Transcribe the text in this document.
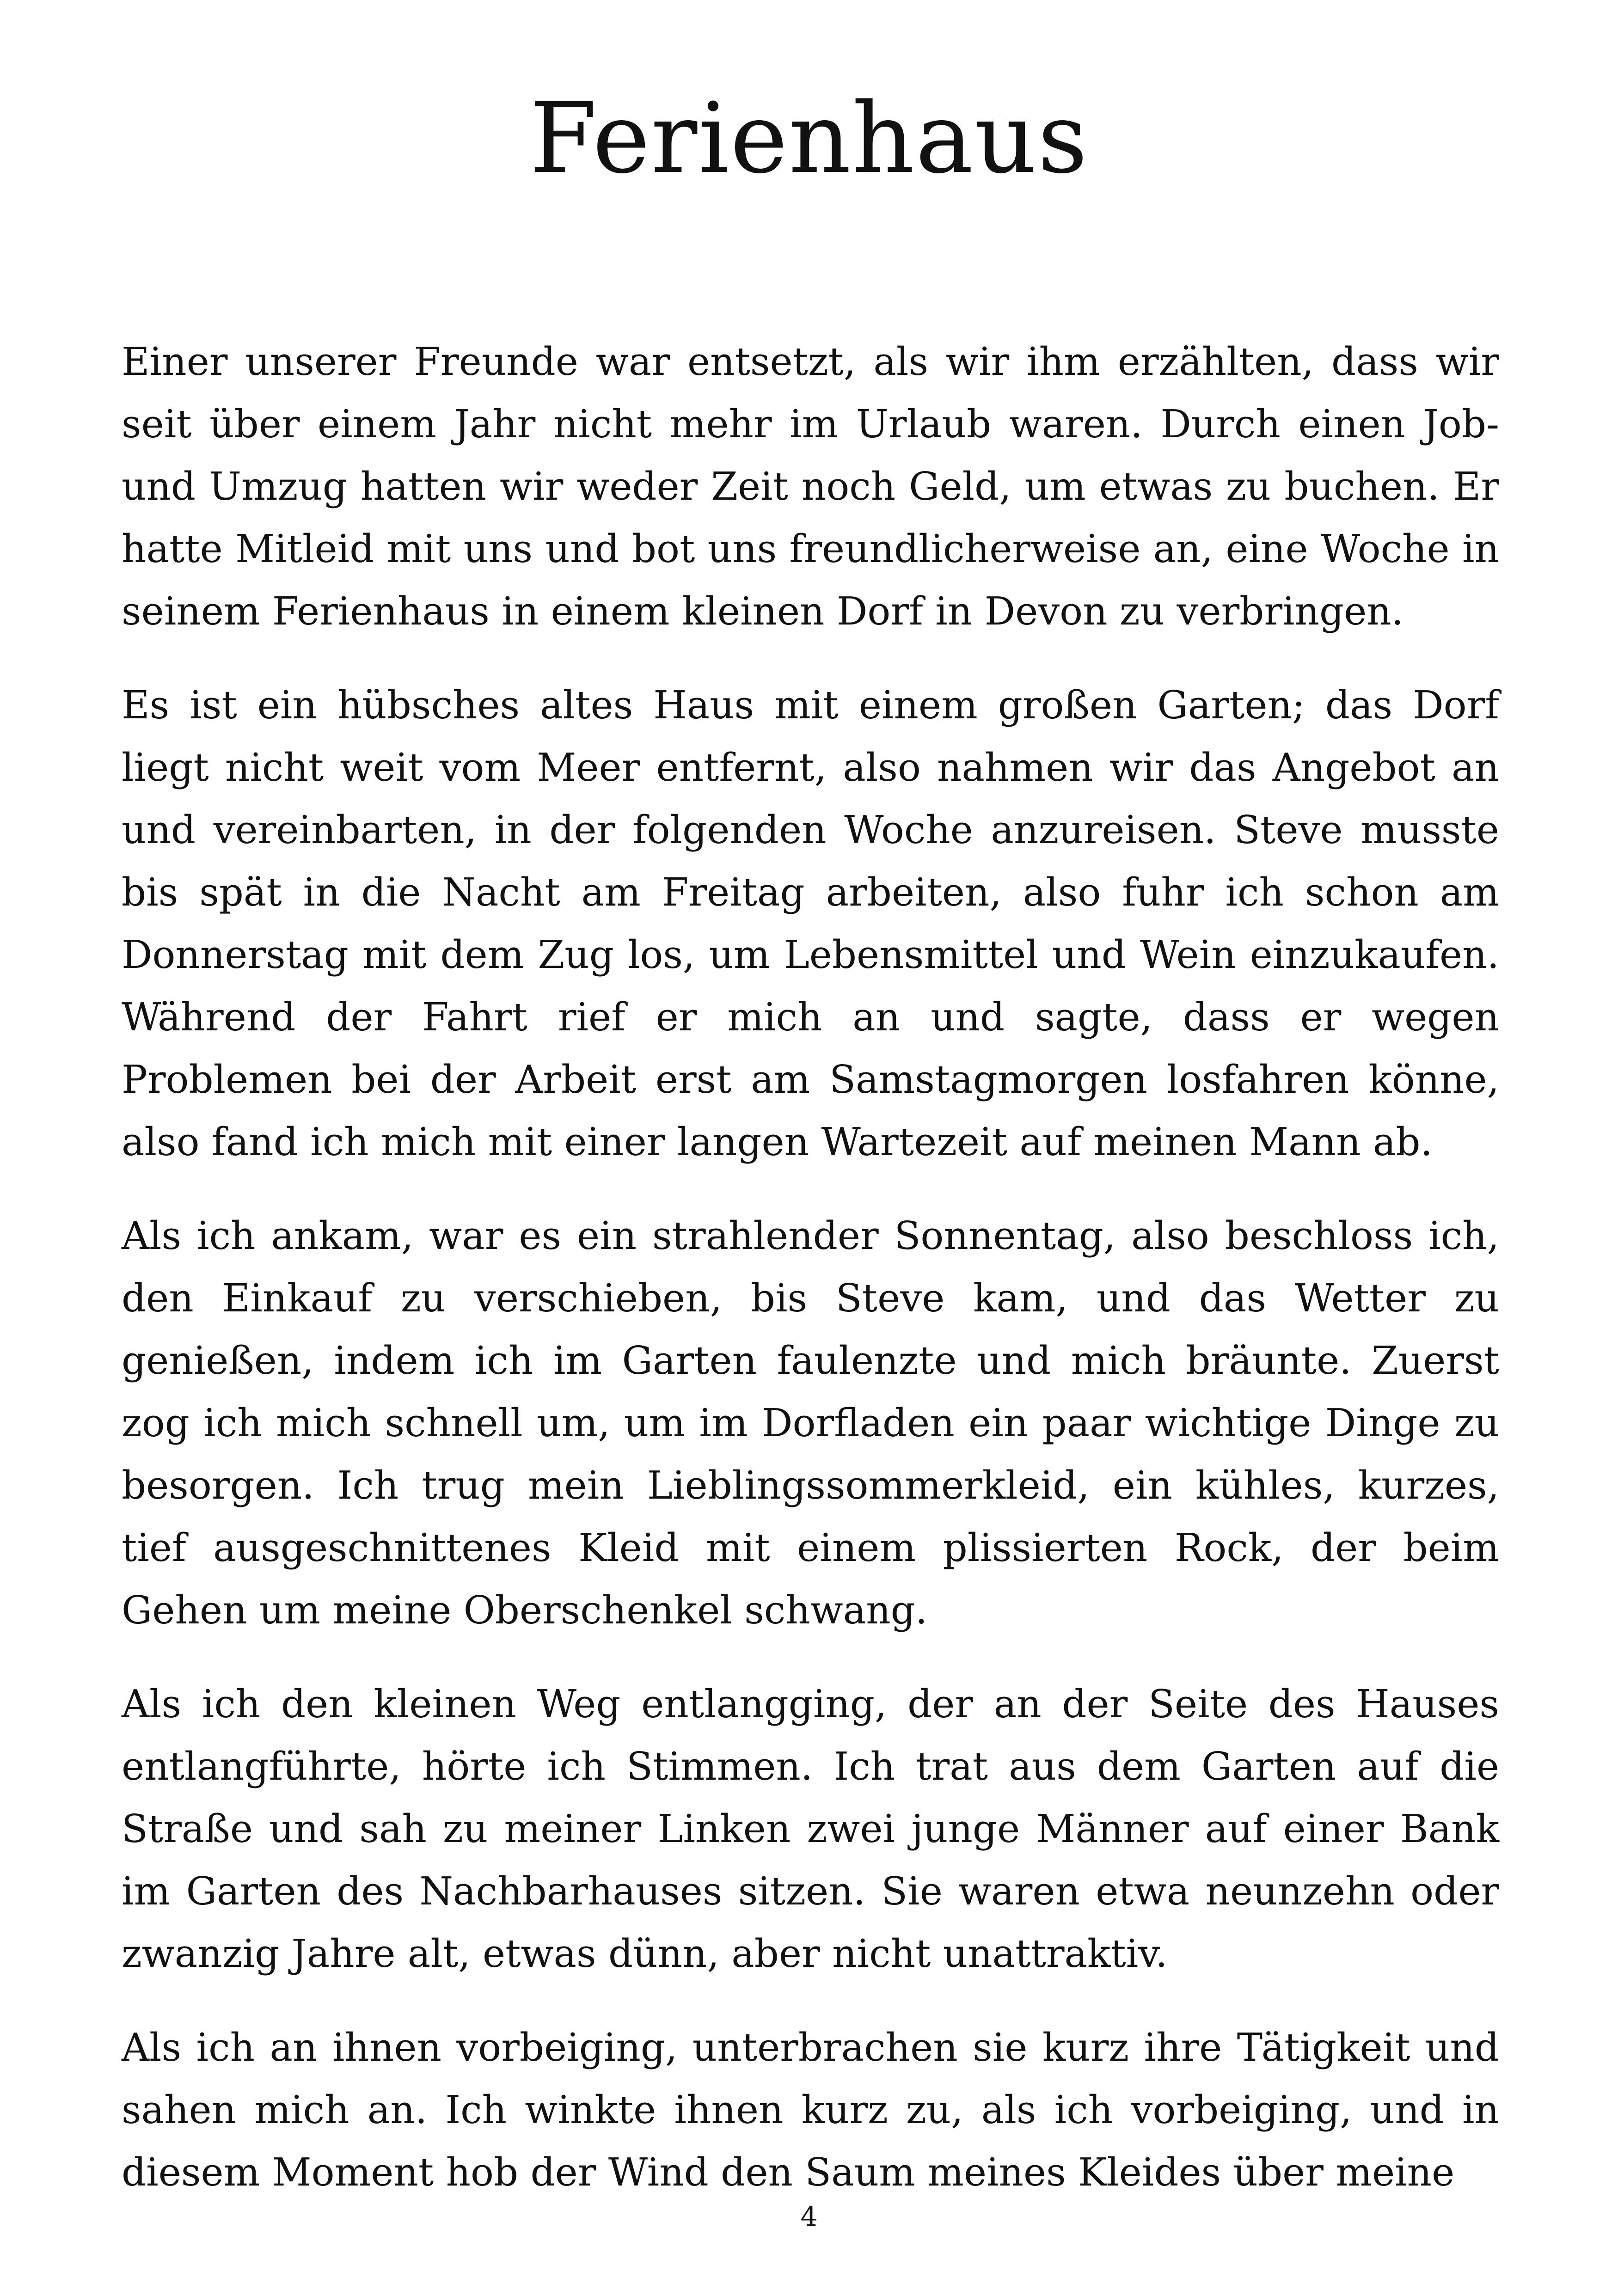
Ferienhaus

Einer unserer Freunde war entsetzt, als wir ihm erzählten, dass wir seit über einem Jahr nicht mehr im Urlaub waren. Durch einen Job- und Umzug hatten wir weder Zeit noch Geld, um etwas zu buchen. Er hatte Mitleid mit uns und bot uns freundlicherweise an, eine Woche in seinem Ferienhaus in einem kleinen Dorf in Devon zu verbringen.

Es ist ein hübsches altes Haus mit einem großen Garten; das Dorf liegt nicht weit vom Meer entfernt, also nahmen wir das Angebot an und vereinbarten, in der folgenden Woche anzureisen. Steve musste bis spät in die Nacht am Freitag arbeiten, also fuhr ich schon am Donnerstag mit dem Zug los, um Lebensmittel und Wein einzukaufen. Während der Fahrt rief er mich an und sagte, dass er wegen Problemen bei der Arbeit erst am Samstagmorgen losfahren könne, also fand ich mich mit einer langen Wartezeit auf meinen Mann ab.

Als ich ankam, war es ein strahlender Sonnentag, also beschloss ich, den Einkauf zu verschieben, bis Steve kam, und das Wetter zu genießen, indem ich im Garten faulenzte und mich bräunte. Zuerst zog ich mich schnell um, um im Dorfladen ein paar wichtige Dinge zu besorgen. Ich trug mein Lieblingssommerkleid, ein kühles, kurzes, tief ausgeschnittenes Kleid mit einem plissierten Rock, der beim Gehen um meine Oberschenkel schwang.

Als ich den kleinen Weg entlangging, der an der Seite des Hauses entlangführte, hörte ich Stimmen. Ich trat aus dem Garten auf die Straße und sah zu meiner Linken zwei junge Männer auf einer Bank im Garten des Nachbarhauses sitzen. Sie waren etwa neunzehn oder zwanzig Jahre alt, etwas dünn, aber nicht unattraktiv.

Als ich an ihnen vorbeiging, unterbrachen sie kurz ihre Tätigkeit und sahen mich an. Ich winkte ihnen kurz zu, als ich vorbeiging, und in diesem Moment hob der Wind den Saum meines Kleides über meine

4
